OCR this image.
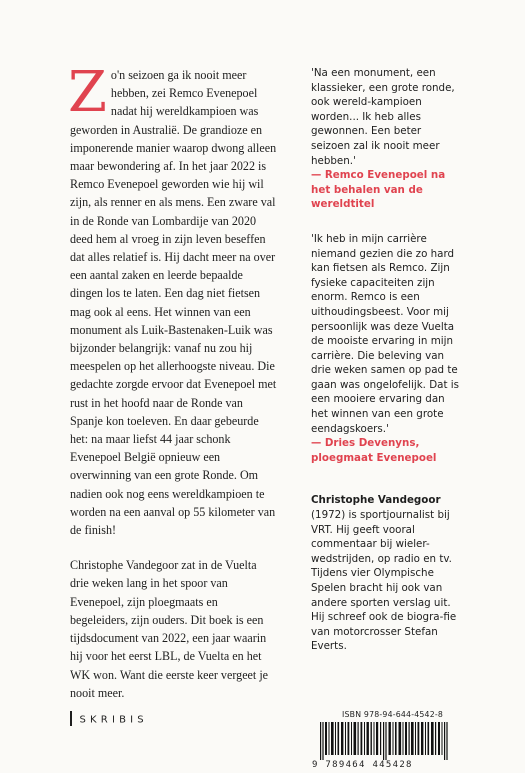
Zo'n seizoen ga ik nooit meer hebben, zei Remco Evenepoel nadat hij wereldkampioen was geworden in Australië. De grandioze en imponerende manier waarop dwong alleen maar bewondering af. In het jaar 2022 is Remco Evenepoel geworden wie hij wil zijn, als renner en als mens. Een zware val in de Ronde van Lombardije van 2020 deed hem al vroeg in zijn leven beseffen dat alles relatief is. Hij dacht meer na over een aantal zaken en leerde bepaalde dingen los te laten. Een dag niet fietsen mag ook al eens. Het winnen van een monument als Luik-Bastenaken-Luik was bijzonder belangrijk: vanaf nu zou hij meespelen op het allerhoogste niveau. Die gedachte zorgde ervoor dat Evenepoel met rust in het hoofd naar de Ronde van Spanje kon toeleven. En daar gebeurde het: na maar liefst 44 jaar schonk Evenepoel België opnieuw een overwinning van een grote Ronde. Om nadien ook nog eens wereldkampioen te worden na een aanval op 55 kilometer van de finish!

Christophe Vandegoor zat in de Vuelta drie weken lang in het spoor van Evenepoel, zijn ploegmaats en begeleiders, zijn ouders. Dit boek is een tijdsdocument van 2022, een jaar waarin hij voor het eerst LBL, de Vuelta en het WK won. Want die eerste keer vergeet je nooit meer.

'Na een monument, een klassieker, een grote ronde, ook wereld-kampioen worden... Ik heb alles gewonnen. Een beter seizoen zal ik nooit meer hebben.'

— Remco Evenepoel na het behalen van de wereldtitel

'Ik heb in mijn carrière niemand gezien die zo hard kan fietsen als Remco. Zijn fysieke capaciteiten zijn enorm. Remco is een uithoudingsbeest. Voor mij persoonlijk was deze Vuelta de mooiste ervaring in mijn carrière. Die beleving van drie weken samen op pad te gaan was ongelofelijk. Dat is een mooiere ervaring dan het winnen van een grote eendagskoers.'

— Dries Devenyns, ploegmaat Evenepoel

Christophe Vandegoor (1972) is sportjournalist bij VRT. Hij geeft vooral commentaar bij wieler-wedstrijden, op radio en tv. Tijdens vier Olympische Spelen bracht hij ook van andere sporten verslag uit. Hij schreef ook de biogra-fie van motorcrosser Stefan Everts.

SKRIBIS	ISBN 978-94-644-4542-8
9 789464 445428
